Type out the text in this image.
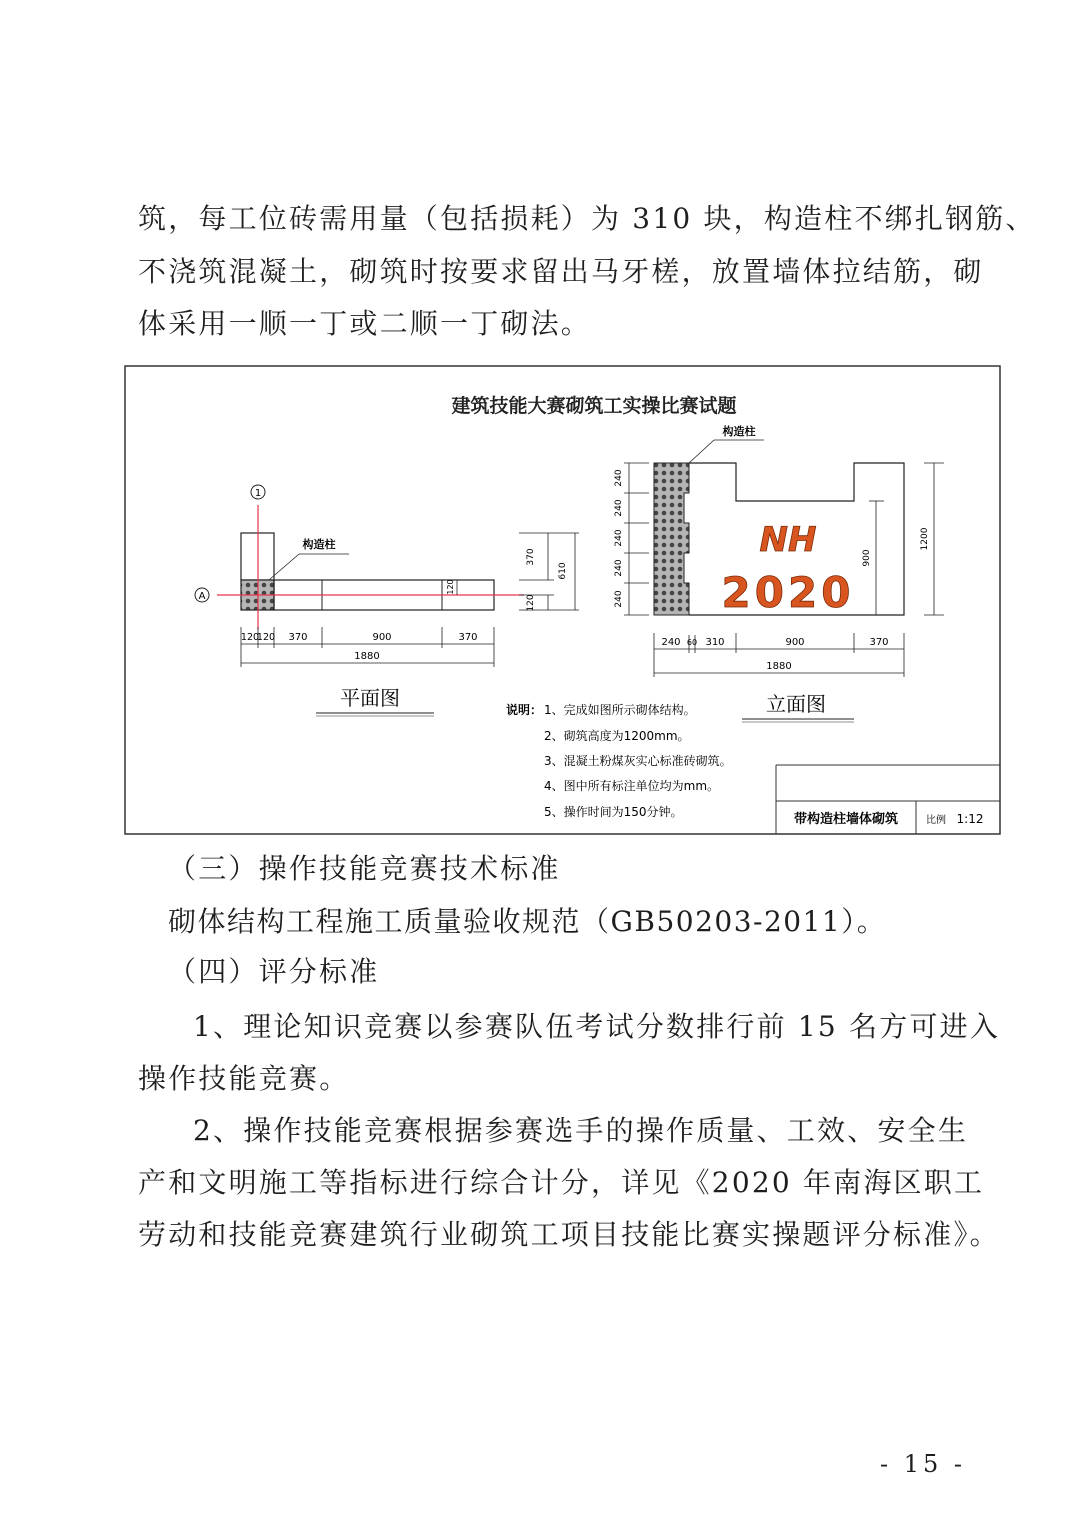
筑，每工位砖需用量（包括损耗）为 310 块，构造柱不绑扎钢筋、
不浇筑混凝土，砌筑时按要求留出马牙槎，放置墙体拉结筋，砌
体采用一顺一丁或二顺一丁砌法。
建筑技能大赛砌筑工实操比赛试题
1
A
构造柱
120
120 370	900	370
1880
370
120
610
120
平面图
构造柱
NH
2020
240
240
240
240
240
900
1200
240 60 310	900	370
1880
立面图
说明： 1、完成如图所示砌体结构。
2、砌筑高度为1200mm。
3、混凝土粉煤灰实心标准砖砌筑。
4、图中所有标注单位均为mm。
5、操作时间为150分钟。	带构造柱墙体砌筑	比例 1:12
（三）操作技能竞赛技术标准
砌体结构工程施工质量验收规范（GB50203-2011）。
（四）评分标准
1、理论知识竞赛以参赛队伍考试分数排行前 15 名方可进入
操作技能竞赛。
2、操作技能竞赛根据参赛选手的操作质量、工效、安全生
产和文明施工等指标进行综合计分，详见《2020 年南海区职工
劳动和技能竞赛建筑行业砌筑工项目技能比赛实操题评分标准》。
- 15 -
